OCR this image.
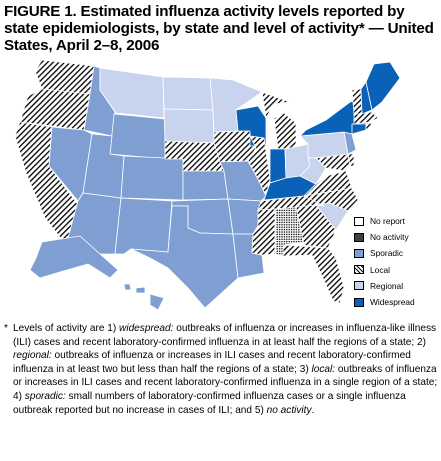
FIGURE 1. Estimated influenza activity levels reported by state epidemiologists, by state and level of activity* — United States, April 2–8, 2006
No report
No activity
Sporadic
Local
Regional
Widespread
* Levels of activity are 1) widespread: outbreaks of influenza or increases in influenza-like illness (ILI) cases and recent laboratory-confirmed influenza in at least half the regions of a state; 2) regional: outbreaks of influenza or increases in ILI cases and recent laboratory-confirmed influenza in at least two but less than half the regions of a state; 3) local: outbreaks of influenza or increases in ILI cases and recent laboratory-confirmed influenza in a single region of a state; 4) sporadic: small numbers of laboratory-confirmed influenza cases or a single influenza outbreak reported but no increase in cases of ILI; and 5) no activity.
